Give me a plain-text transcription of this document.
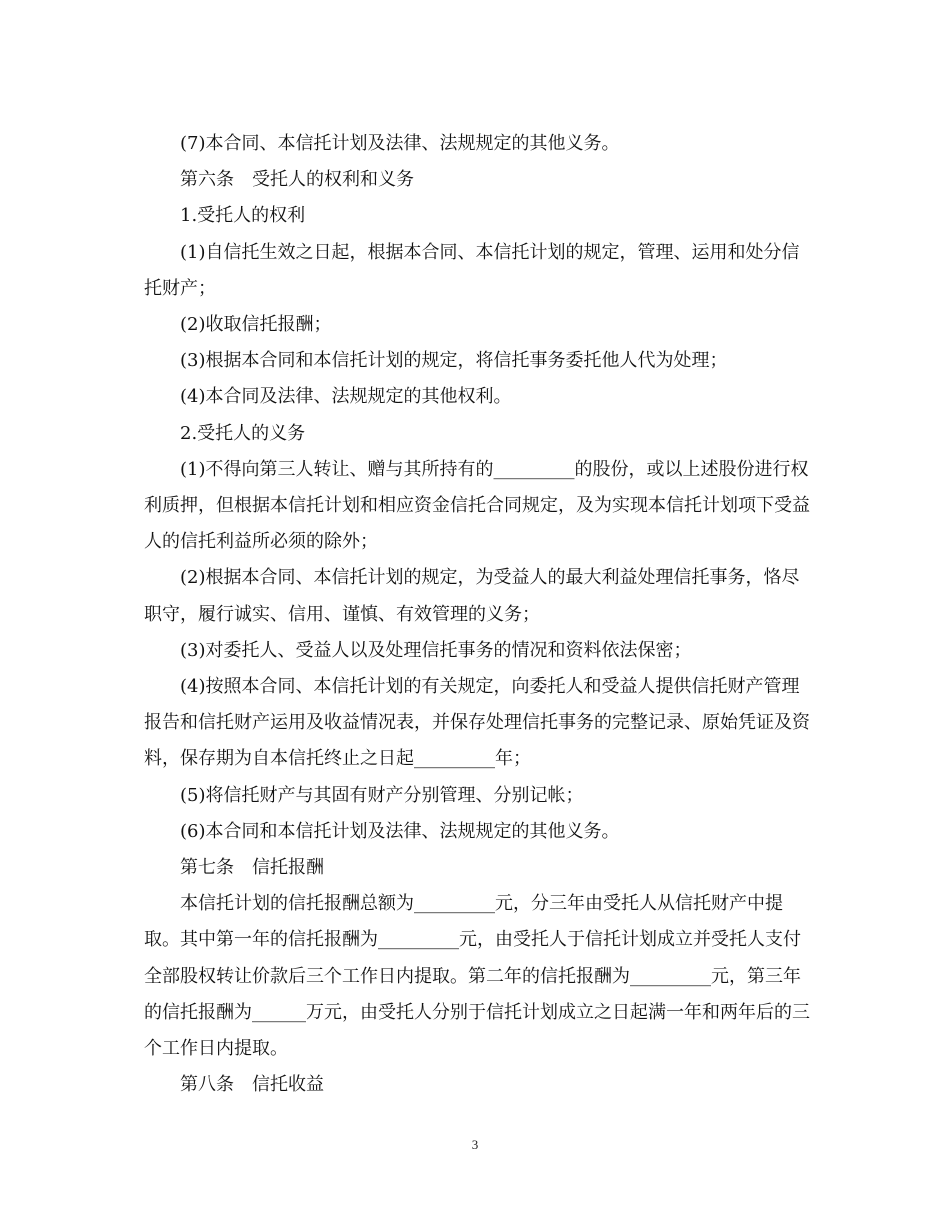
(7)本合同、本信托计划及法律、法规规定的其他义务。

第六条　受托人的权利和义务

1.受托人的权利

(1)自信托生效之日起，根据本合同、本信托计划的规定，管理、运用和处分信托财产；

(2)收取信托报酬；

(3)根据本合同和本信托计划的规定，将信托事务委托他人代为处理；

(4)本合同及法律、法规规定的其他权利。

2.受托人的义务

(1)不得向第三人转让、赠与其所持有的_________的股份，或以上述股份进行权利质押，但根据本信托计划和相应资金信托合同规定，及为实现本信托计划项下受益人的信托利益所必须的除外；

(2)根据本合同、本信托计划的规定，为受益人的最大利益处理信托事务，恪尽职守，履行诚实、信用、谨慎、有效管理的义务；

(3)对委托人、受益人以及处理信托事务的情况和资料依法保密；

(4)按照本合同、本信托计划的有关规定，向委托人和受益人提供信托财产管理报告和信托财产运用及收益情况表，并保存处理信托事务的完整记录、原始凭证及资料，保存期为自本信托终止之日起_________年；

(5)将信托财产与其固有财产分别管理、分别记帐；

(6)本合同和本信托计划及法律、法规规定的其他义务。

第七条　信托报酬

本信托计划的信托报酬总额为_________元，分三年由受托人从信托财产中提取。其中第一年的信托报酬为_________元，由受托人于信托计划成立并受托人支付全部股权转让价款后三个工作日内提取。第二年的信托报酬为_________元，第三年的信托报酬为______万元，由受托人分别于信托计划成立之日起满一年和两年后的三个工作日内提取。

第八条　信托收益

3
